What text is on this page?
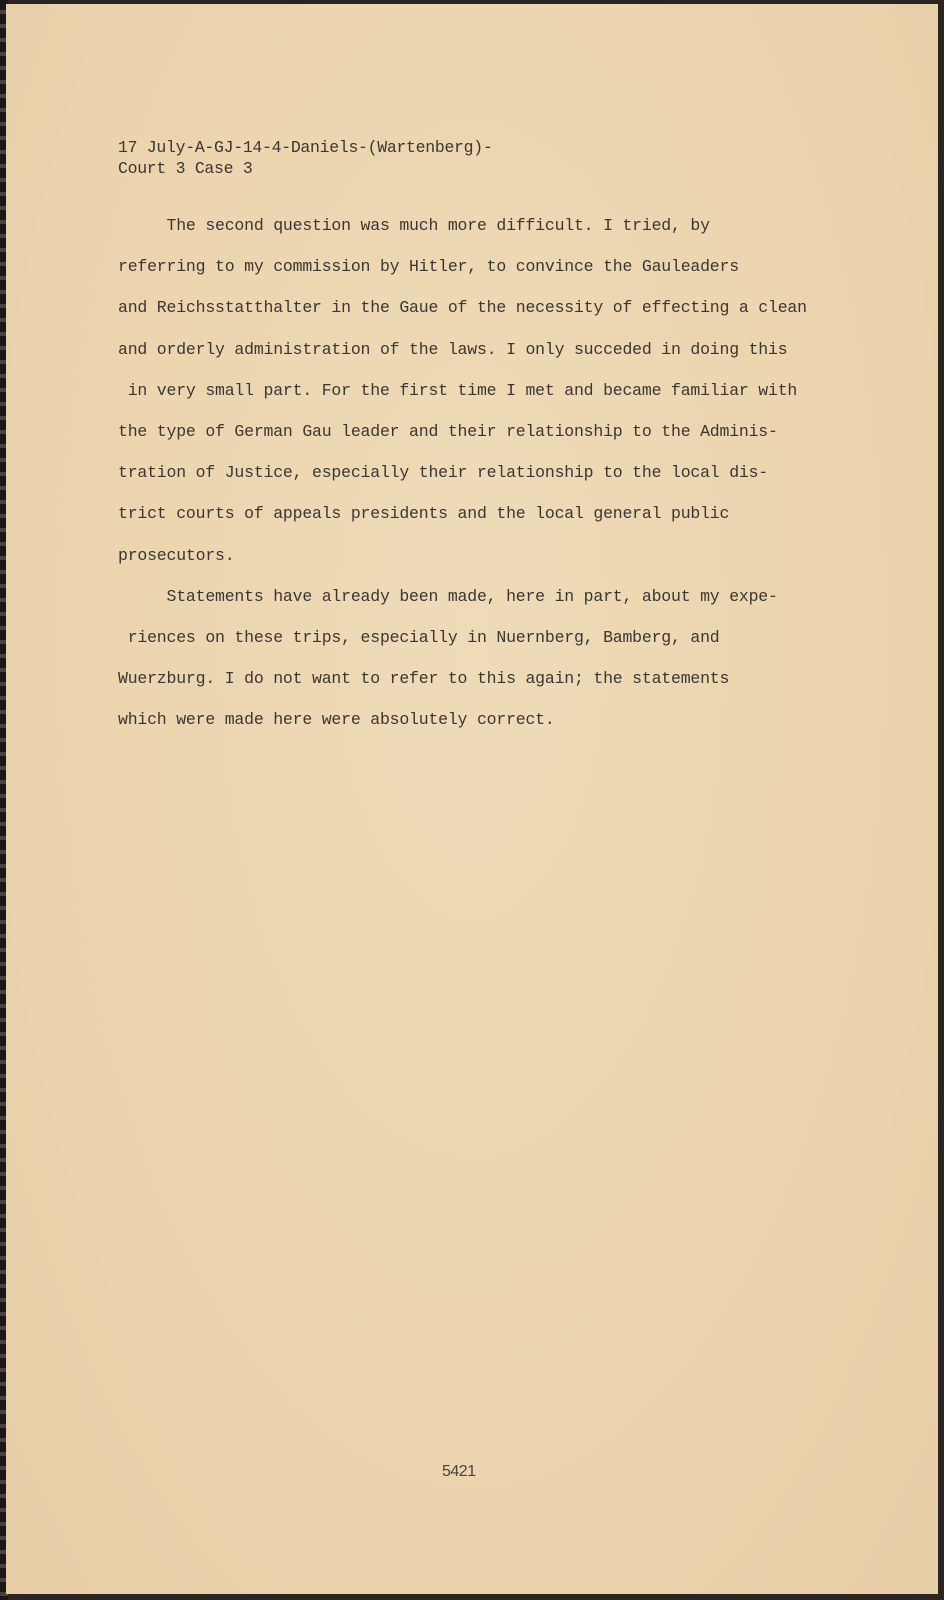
17 July-A-GJ-14-4-Daniels-(Wartenberg)-
Court 3 Case 3
The second question was much more difficult. I tried, by
referring to my commission by Hitler, to convince the Gauleaders
and Reichsstatthalter in the Gaue of the necessity of effecting a clean
and orderly administration of the laws. I only succeded in doing this
in very small part. For the first time I met and became familiar with
the type of German Gau leader and their relationship to the Adminis-
tration of Justice, especially their relationship to the local dis-
trict courts of appeals presidents and the local general public
prosecutors.
Statements have already been made, here in part, about my expe-
riences on these trips, especially in Nuernberg, Bamberg, and
Wuerzburg. I do not want to refer to this again; the statements
which were made here were absolutely correct.
5421
